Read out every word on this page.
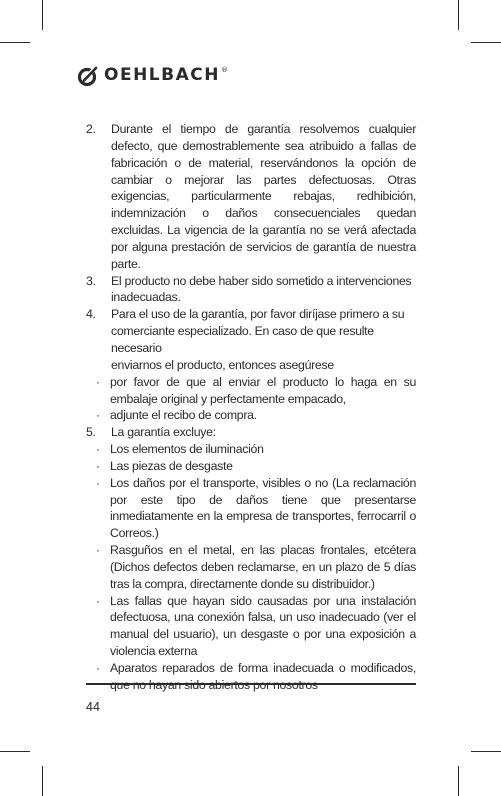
OEHLBACH®
2.	Durante el tiempo de garantía resolvemos cualquier defecto, que demostrablemente sea atribuido a fallas de fabricación o de material, reservándonos la opción de cambiar o mejorar las partes defectuosas. Otras exigencias, particularmente rebajas, redhibición, indemnización o daños consecuenciales quedan excluidas. La vigencia de la garantía no se verá afectada por alguna prestación de servicios de garantía de nuestra parte.
3.	El producto no debe haber sido sometido a intervenciones
inadecuadas.
4.	Para el uso de la garantía, por favor diríjase primero a su
comerciante especializado. En caso de que resulte necesario
enviarnos el producto, entonces asegúrese
· por favor de que al enviar el producto lo haga en su embalaje original y perfectamente empacado,
· adjunte el recibo de compra.
5.	La garantía excluye:
· Los elementos de iluminación
· Las piezas de desgaste
· Los daños por el transporte, visibles o no (La reclamación por este tipo de daños tiene que presentarse inmediatamente en la empresa de transportes, ferrocarril o Correos.)
· Rasguños en el metal, en las placas frontales, etcétera (Dichos defectos deben reclamarse, en un plazo de 5 días tras la compra, directamente donde su distribuidor.)
· Las fallas que hayan sido causadas por una instalación defectuosa, una conexión falsa, un uso inadecuado (ver el manual del usuario), un desgaste o por una exposición a violencia externa
· Aparatos reparados de forma inadecuada o modificados,
44
